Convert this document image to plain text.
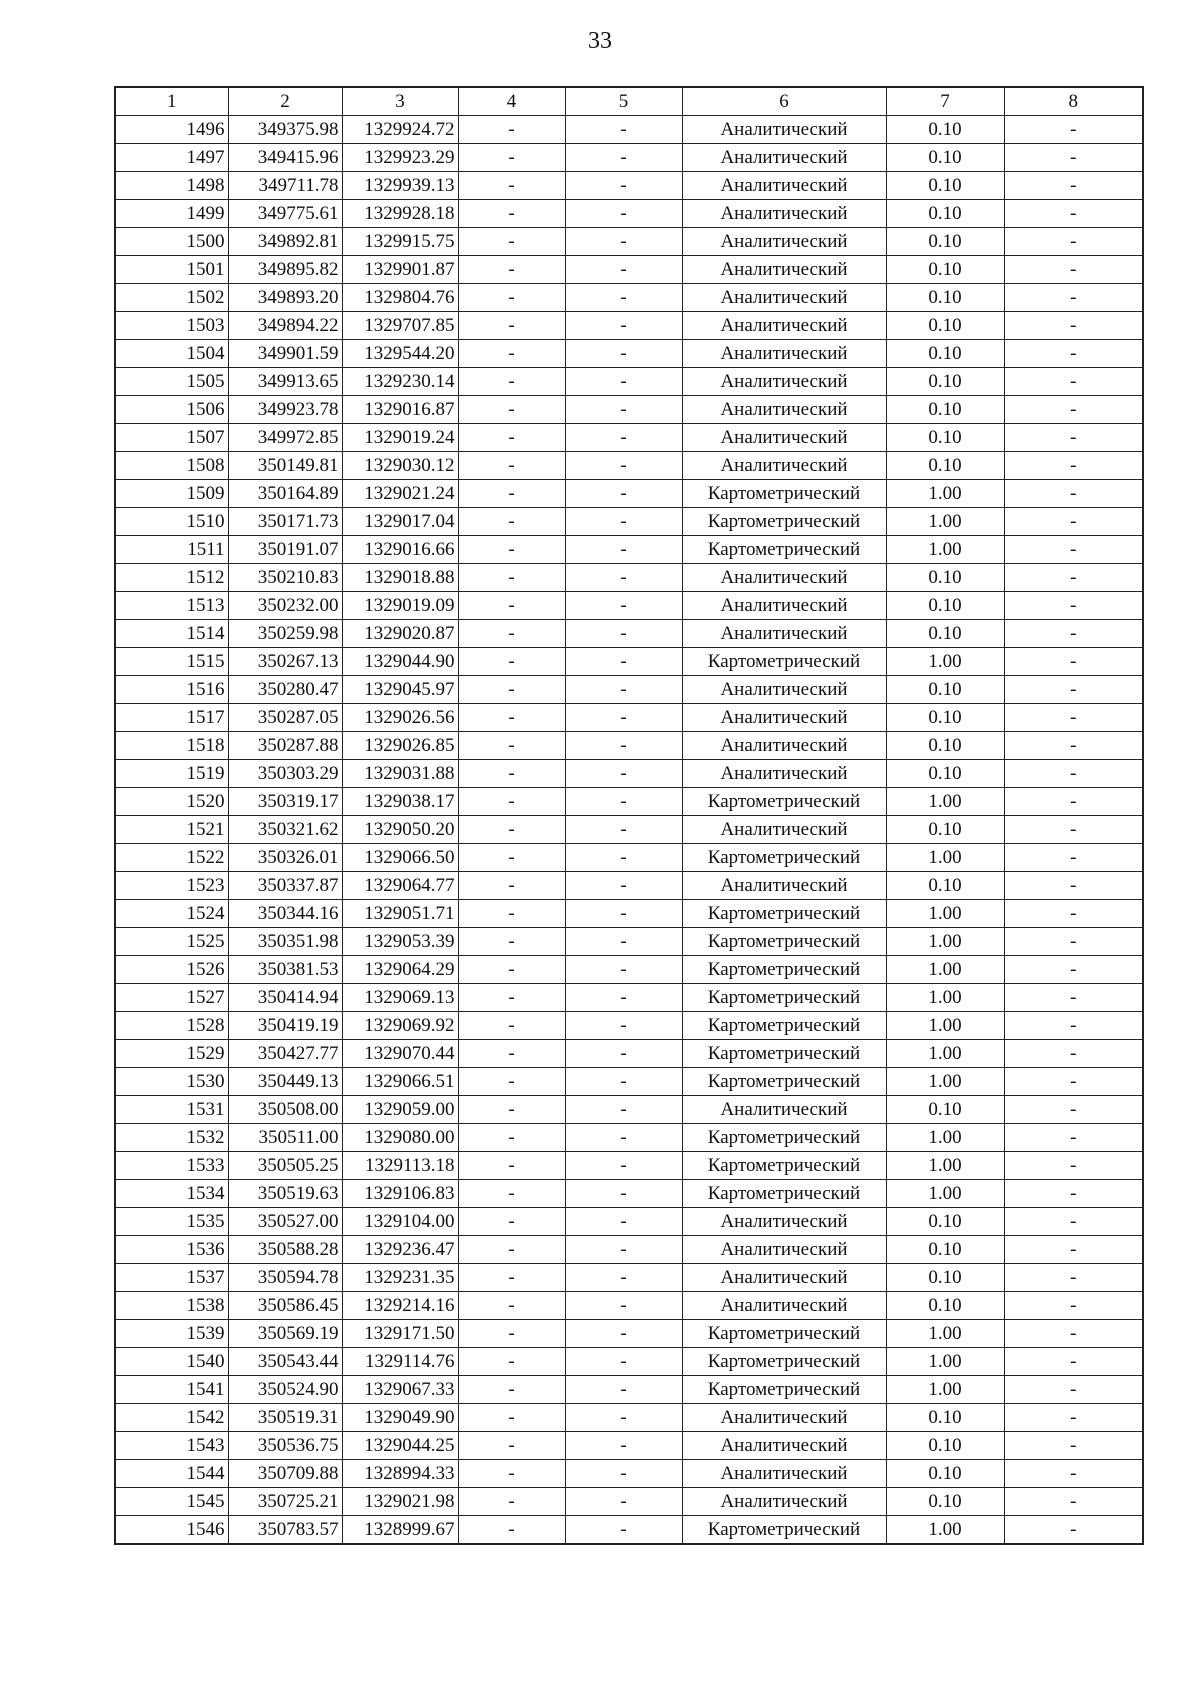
33
1	2	3	4	5	6	7	8
1496	349375.98	1329924.72	-	-	Аналитический	0.10	-
1497	349415.96	1329923.29	-	-	Аналитический	0.10	-
1498	349711.78	1329939.13	-	-	Аналитический	0.10	-
1499	349775.61	1329928.18	-	-	Аналитический	0.10	-
1500	349892.81	1329915.75	-	-	Аналитический	0.10	-
1501	349895.82	1329901.87	-	-	Аналитический	0.10	-
1502	349893.20	1329804.76	-	-	Аналитический	0.10	-
1503	349894.22	1329707.85	-	-	Аналитический	0.10	-
1504	349901.59	1329544.20	-	-	Аналитический	0.10	-
1505	349913.65	1329230.14	-	-	Аналитический	0.10	-
1506	349923.78	1329016.87	-	-	Аналитический	0.10	-
1507	349972.85	1329019.24	-	-	Аналитический	0.10	-
1508	350149.81	1329030.12	-	-	Аналитический	0.10	-
1509	350164.89	1329021.24	-	-	Картометрический	1.00	-
1510	350171.73	1329017.04	-	-	Картометрический	1.00	-
1511	350191.07	1329016.66	-	-	Картометрический	1.00	-
1512	350210.83	1329018.88	-	-	Аналитический	0.10	-
1513	350232.00	1329019.09	-	-	Аналитический	0.10	-
1514	350259.98	1329020.87	-	-	Аналитический	0.10	-
1515	350267.13	1329044.90	-	-	Картометрический	1.00	-
1516	350280.47	1329045.97	-	-	Аналитический	0.10	-
1517	350287.05	1329026.56	-	-	Аналитический	0.10	-
1518	350287.88	1329026.85	-	-	Аналитический	0.10	-
1519	350303.29	1329031.88	-	-	Аналитический	0.10	-
1520	350319.17	1329038.17	-	-	Картометрический	1.00	-
1521	350321.62	1329050.20	-	-	Аналитический	0.10	-
1522	350326.01	1329066.50	-	-	Картометрический	1.00	-
1523	350337.87	1329064.77	-	-	Аналитический	0.10	-
1524	350344.16	1329051.71	-	-	Картометрический	1.00	-
1525	350351.98	1329053.39	-	-	Картометрический	1.00	-
1526	350381.53	1329064.29	-	-	Картометрический	1.00	-
1527	350414.94	1329069.13	-	-	Картометрический	1.00	-
1528	350419.19	1329069.92	-	-	Картометрический	1.00	-
1529	350427.77	1329070.44	-	-	Картометрический	1.00	-
1530	350449.13	1329066.51	-	-	Картометрический	1.00	-
1531	350508.00	1329059.00	-	-	Аналитический	0.10	-
1532	350511.00	1329080.00	-	-	Картометрический	1.00	-
1533	350505.25	1329113.18	-	-	Картометрический	1.00	-
1534	350519.63	1329106.83	-	-	Картометрический	1.00	-
1535	350527.00	1329104.00	-	-	Аналитический	0.10	-
1536	350588.28	1329236.47	-	-	Аналитический	0.10	-
1537	350594.78	1329231.35	-	-	Аналитический	0.10	-
1538	350586.45	1329214.16	-	-	Аналитический	0.10	-
1539	350569.19	1329171.50	-	-	Картометрический	1.00	-
1540	350543.44	1329114.76	-	-	Картометрический	1.00	-
1541	350524.90	1329067.33	-	-	Картометрический	1.00	-
1542	350519.31	1329049.90	-	-	Аналитический	0.10	-
1543	350536.75	1329044.25	-	-	Аналитический	0.10	-
1544	350709.88	1328994.33	-	-	Аналитический	0.10	-
1545	350725.21	1329021.98	-	-	Аналитический	0.10	-
1546	350783.57	1328999.67	-	-	Картометрический	1.00	-
